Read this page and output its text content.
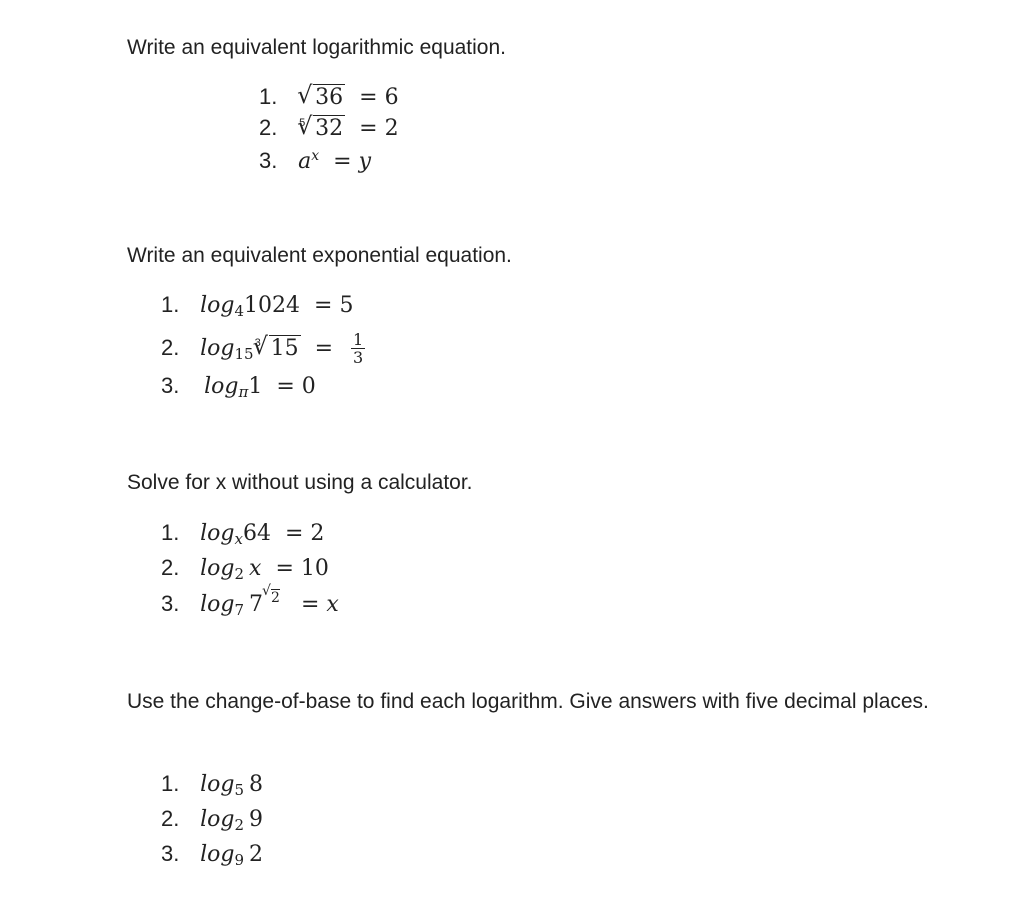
Write an equivalent logarithmic equation.
1. √ 36 = 6
2. √ 5 32 = 2
3. $a^x = y$
Write an equivalent exponential equation.
1. $\log_41024 = 5$
2. $\log_{15}$
√ 3 $15 = \frac{1}{3}$
3. $\log_\pi 1 = 0$
Solve for x without using a calculator.
1. $\log_x64 = 2$
2. $\log_2 x = 10$
3. $\log_7 7$ 2 = x
Use the change-of-base to find each logarithm. Give answers with five decimal places.
1. $\log_5 8$
2. $\log_2 9$
3. $\log_9 2$
